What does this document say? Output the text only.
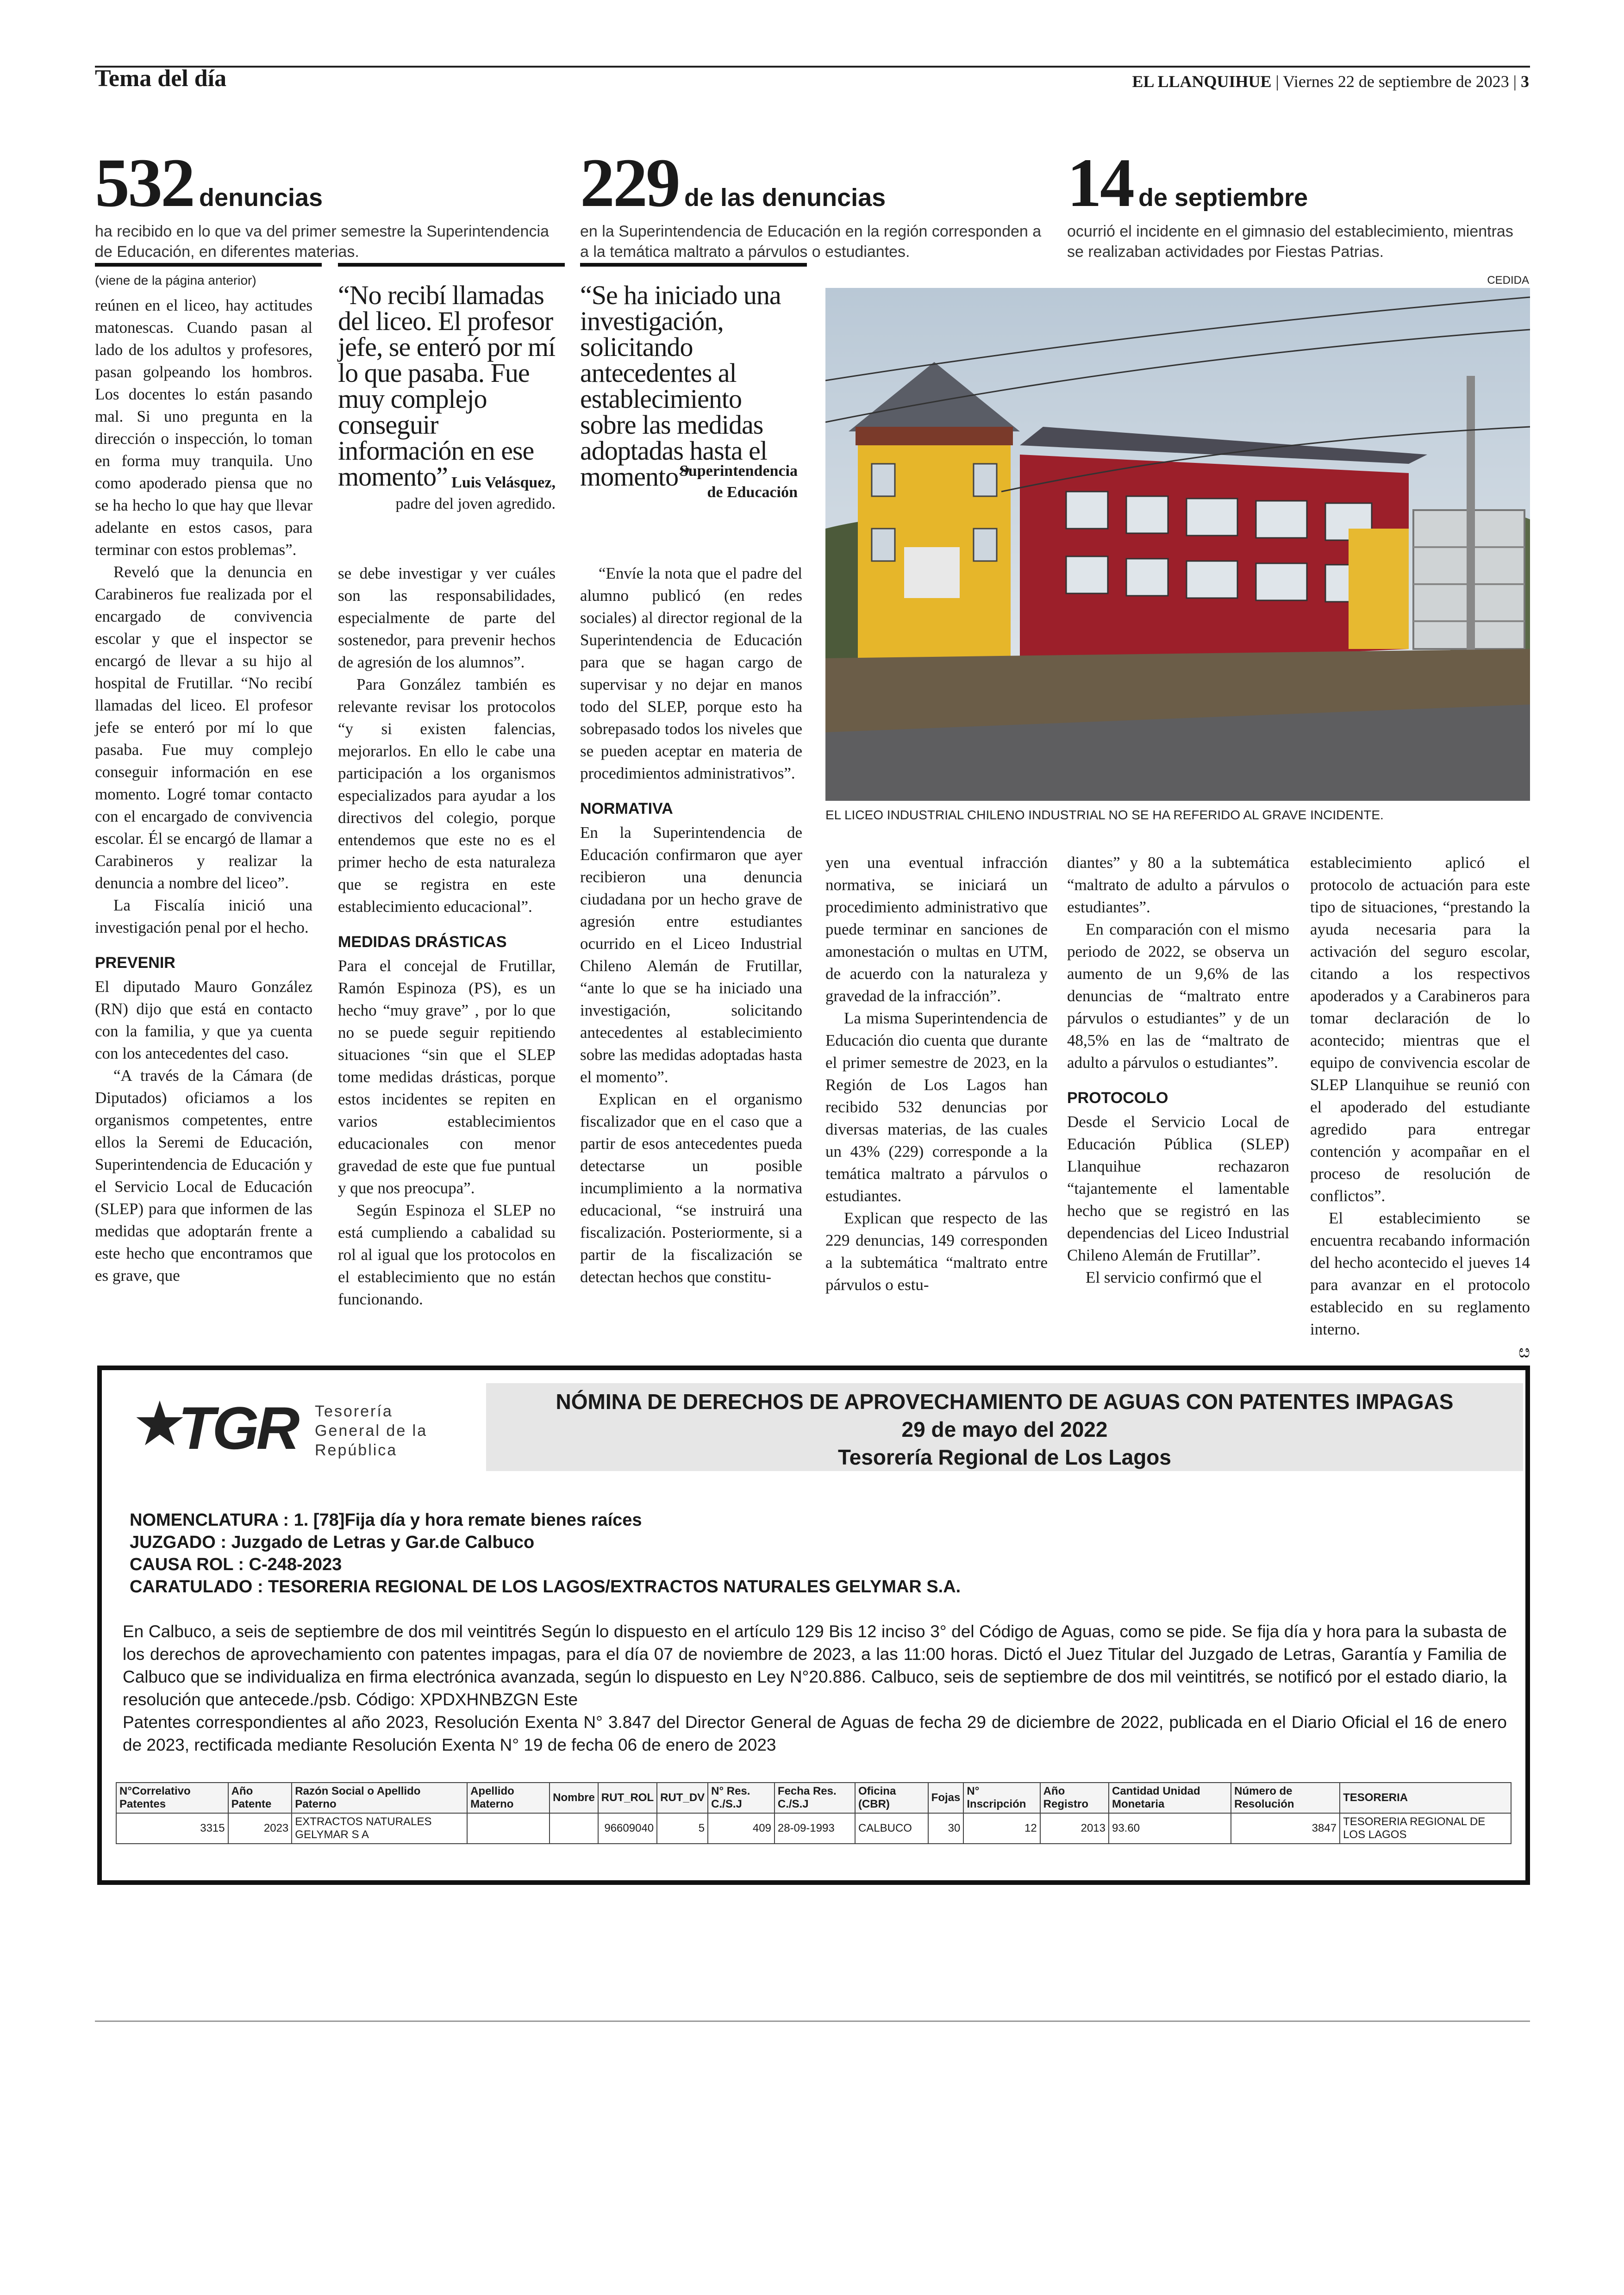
Tema del día	EL LLANQUIHUE | Viernes 22 de septiembre de 2023 | 3
532 denuncias
ha recibido en lo que va del primer semestre la Superintendencia de Educación, en diferentes materias.
229 de las denuncias
en la Superintendencia de Educación en la región corresponden a a la temática maltrato a párvulos o estudiantes.
14 de septiembre
ocurrió el incidente en el gimnasio del establecimiento, mientras se realizaban actividades por Fiestas Patrias.
(viene de la página anterior)

reúnen en el liceo, hay actitudes matonescas. Cuando pasan al lado de los adultos y profesores, pasan golpeando los hombros. Los docentes lo están pasando mal. Si uno pregunta en la dirección o inspección, lo toman en forma muy tranquila. Uno como apoderado piensa que no se ha hecho lo que hay que llevar adelante en estos casos, para terminar con estos problemas”.

Reveló que la denuncia en Carabineros fue realizada por el encargado de convivencia escolar y que el inspector se encargó de llevar a su hijo al hospital de Frutillar. “No recibí llamadas del liceo. El profesor jefe se enteró por mí lo que pasaba. Fue muy complejo conseguir información en ese momento. Logré tomar contacto con el encargado de convivencia escolar. Él se encargó de llamar a Carabineros y realizar la denuncia a nombre del liceo”.

La Fiscalía inició una investigación penal por el hecho.

PREVENIR

El diputado Mauro González (RN) dijo que está en contacto con la familia, y que ya cuenta con los antecedentes del caso.

“A través de la Cámara (de Diputados) oficiamos a los organismos competentes, entre ellos la Seremi de Educación, Superintendencia de Educación y el Servicio Local de Educación (SLEP) para que informen de las medidas que adoptarán frente a este hecho que encontramos que es grave, que

“No recibí llamadas del liceo. El profesor jefe, se enteró por mí lo que pasaba. Fue muy complejo conseguir información en ese momento” Luis Velásquez,
padre del joven agredido.

se debe investigar y ver cuáles son las responsabilidades, especialmente de parte del sostenedor, para prevenir hechos de agresión de los alumnos”.

Para González también es relevante revisar los protocolos “y si existen falencias, mejorarlos. En ello le cabe una participación a los organismos especializados para ayudar a los directivos del colegio, porque entendemos que este no es el primer hecho de esta naturaleza que se registra en este establecimiento educacional”.

MEDIDAS DRÁSTICAS

Para el concejal de Frutillar, Ramón Espinoza (PS), es un hecho “muy grave” , por lo que no se puede seguir repitiendo situaciones “sin que el SLEP tome medidas drásticas, porque estos incidentes se repiten en varios establecimientos educacionales con menor gravedad de este que fue puntual y que nos preocupa”.

Según Espinoza el SLEP no está cumpliendo a cabalidad su rol al igual que los protocolos en el establecimiento que no están funcionando.

“Se ha iniciado una investigación, solicitando antecedentes al establecimiento sobre las medidas adoptadas hasta el momento”
Superintendencia
de Educación

“Envíe la nota que el padre del alumno publicó (en redes sociales) al director regional de la Superintendencia de Educación para que se hagan cargo de supervisar y no dejar en manos todo del SLEP, porque esto ha sobrepasado todos los niveles que se pueden aceptar en materia de procedimientos administrativos”.

NORMATIVA

En la Superintendencia de Educación confirmaron que ayer recibieron una denuncia ciudadana por un hecho grave de agresión entre estudiantes ocurrido en el Liceo Industrial Chileno Alemán de Frutillar, “ante lo que se ha iniciado una investigación, solicitando antecedentes al establecimiento sobre las medidas adoptadas hasta el momento”.

Explican en el organismo fiscalizador que en el caso que a partir de esos antecedentes pueda detectarse un posible incumplimiento a la normativa educacional, “se instruirá una fiscalización. Posteriormente, si a partir de la fiscalización se detectan hechos que constitu-

CEDIDA
EL LICEO INDUSTRIAL CHILENO INDUSTRIAL NO SE HA REFERIDO AL GRAVE INCIDENTE.

yen una eventual infracción normativa, se iniciará un procedimiento administrativo que puede terminar en sanciones de amonestación o multas en UTM, de acuerdo con la naturaleza y gravedad de la infracción”.

La misma Superintendencia de Educación dio cuenta que durante el primer semestre de 2023, en la Región de Los Lagos han recibido 532 denuncias por diversas materias, de las cuales un 43% (229) corresponde a la temática maltrato a párvulos o estudiantes.

Explican que respecto de las 229 denuncias, 149 corresponden a la subtemática “maltrato entre párvulos o estu-

diantes” y 80 a la subtemática “maltrato de adulto a párvulos o estudiantes”.

En comparación con el mismo periodo de 2022, se observa un aumento de un 9,6% de las denuncias de “maltrato entre párvulos o estudiantes” y de un 48,5% en las de “maltrato de adulto a párvulos o estudiantes”.

PROTOCOLO

Desde el Servicio Local de Educación Pública (SLEP) Llanquihue rechazaron “tajantemente el lamentable hecho que se registró en las dependencias del Liceo Industrial Chileno Alemán de Frutillar”.

El servicio confirmó que el

establecimiento aplicó el protocolo de actuación para este tipo de situaciones, “prestando la ayuda necesaria para la activación del seguro escolar, citando a los respectivos apoderados y a Carabineros para tomar declaración de lo acontecido; mientras que el equipo de convivencia escolar de SLEP Llanquihue se reunió con el apoderado del estudiante agredido para entregar contención y acompañar en el proceso de resolución de conflictos”.

El establecimiento se encuentra recabando información del hecho acontecido el jueves 14 para avanzar en el protocolo establecido en su reglamento interno.

ೞ
TGR Tesorería
General de la
República
NÓMINA DE DERECHOS DE APROVECHAMIENTO DE AGUAS CON PATENTES IMPAGAS
29 de mayo del 2022
Tesorería Regional de Los Lagos
NOMENCLATURA : 1. [78]Fija día y hora remate bienes raíces
JUZGADO : Juzgado de Letras y Gar.de Calbuco
CAUSA ROL : C-248-2023
CARATULADO : TESORERIA REGIONAL DE LOS LAGOS/EXTRACTOS NATURALES GELYMAR S.A.
En Calbuco, a seis de septiembre de dos mil veintitrés Según lo dispuesto en el artículo 129 Bis 12 inciso 3° del Código de Aguas, como se pide. Se fija día y hora para la subasta de los derechos de aprovechamiento con patentes impagas, para el día 07 de noviembre de 2023, a las 11:00 horas. Dictó el Juez Titular del Juzgado de Letras, Garantía y Familia de Calbuco que se individualiza en firma electrónica avanzada, según lo dispuesto en Ley N°20.886. Calbuco, seis de septiembre de dos mil veintitrés, se notificó por el estado diario, la resolución que antecede./psb. Código: XPDXHNBZGN Este
Patentes correspondientes al año 2023, Resolución Exenta N° 3.847 del Director General de Aguas de fecha 29 de diciembre de 2022, publicada en el Diario Oficial el 16 de enero de 2023, rectificada mediante Resolución Exenta N° 19 de fecha 06 de enero de 2023
N°Correlativo Patentes	Año Patente	Razón Social o Apellido Paterno	Apellido Materno	Nombre	RUT_ROL	RUT_DV	N° Res. C./S.J	Fecha Res. C./S.J	Oficina (CBR)	Fojas	N° Inscripción	Año Registro	Cantidad Unidad Monetaria	Número de Resolución	TESORERIA
3315	2023	EXTRACTOS NATURALES GELYMAR S A			96609040	5	409	28-09-1993	CALBUCO	30	12	2013	93.60	3847	TESORERIA REGIONAL DE LOS LAGOS
